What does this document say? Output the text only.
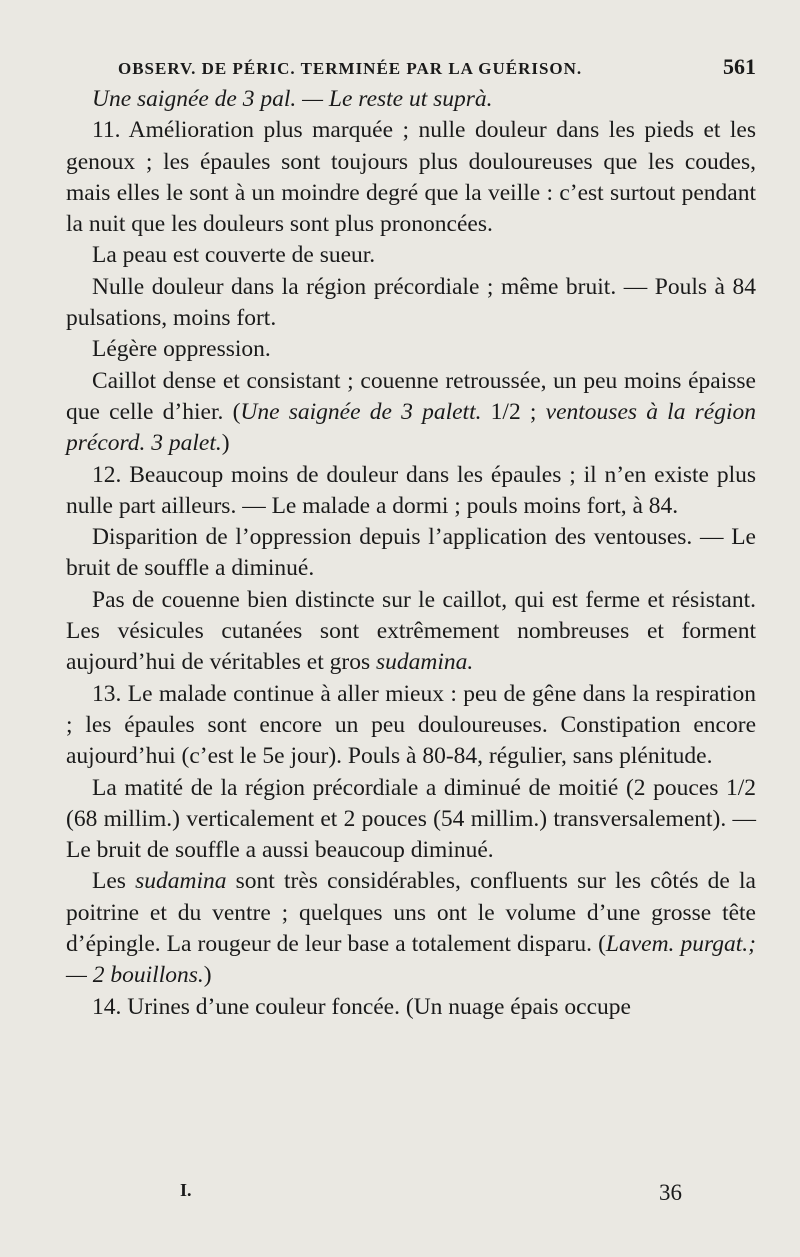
OBSERV. DE PÉRIC. TERMINÉE PAR LA GUÉRISON.	561

Une saignée de 3 pal. — Le reste ut suprà.

11. Amélioration plus marquée ; nulle douleur dans les pieds et les genoux ; les épaules sont toujours plus douloureuses que les coudes, mais elles le sont à un moindre degré que la veille : c’est surtout pendant la nuit que les douleurs sont plus prononcées.

La peau est couverte de sueur.

Nulle douleur dans la région précordiale ; même bruit. — Pouls à 84 pulsations, moins fort.

Légère oppression.

Caillot dense et consistant ; couenne retroussée, un peu moins épaisse que celle d’hier. (Une saignée de 3 palett. 1/2 ; ventouses à la région précord. 3 palet.)

12. Beaucoup moins de douleur dans les épaules ; il n’en existe plus nulle part ailleurs. — Le malade a dormi ; pouls moins fort, à 84.

Disparition de l’oppression depuis l’application des ventouses. — Le bruit de souffle a diminué.

Pas de couenne bien distincte sur le caillot, qui est ferme et résistant. Les vésicules cutanées sont extrêmement nombreuses et forment aujourd’hui de véritables et gros sudamina.

13. Le malade continue à aller mieux : peu de gêne dans la respiration ; les épaules sont encore un peu douloureuses. Constipation encore aujourd’hui (c’est le 5e jour). Pouls à 80-84, régulier, sans plénitude.

La matité de la région précordiale a diminué de moitié (2 pouces 1/2 (68 millim.) verticalement et 2 pouces (54 millim.) transversalement). — Le bruit de souffle a aussi beaucoup diminué.

Les sudamina sont très considérables, confluents sur les côtés de la poitrine et du ventre ; quelques uns ont le volume d’une grosse tête d’épingle. La rougeur de leur base a totalement disparu. (Lavem. purgat.; — 2 bouillons.)

14. Urines d’une couleur foncée. (Un nuage épais occupe

I.	36
